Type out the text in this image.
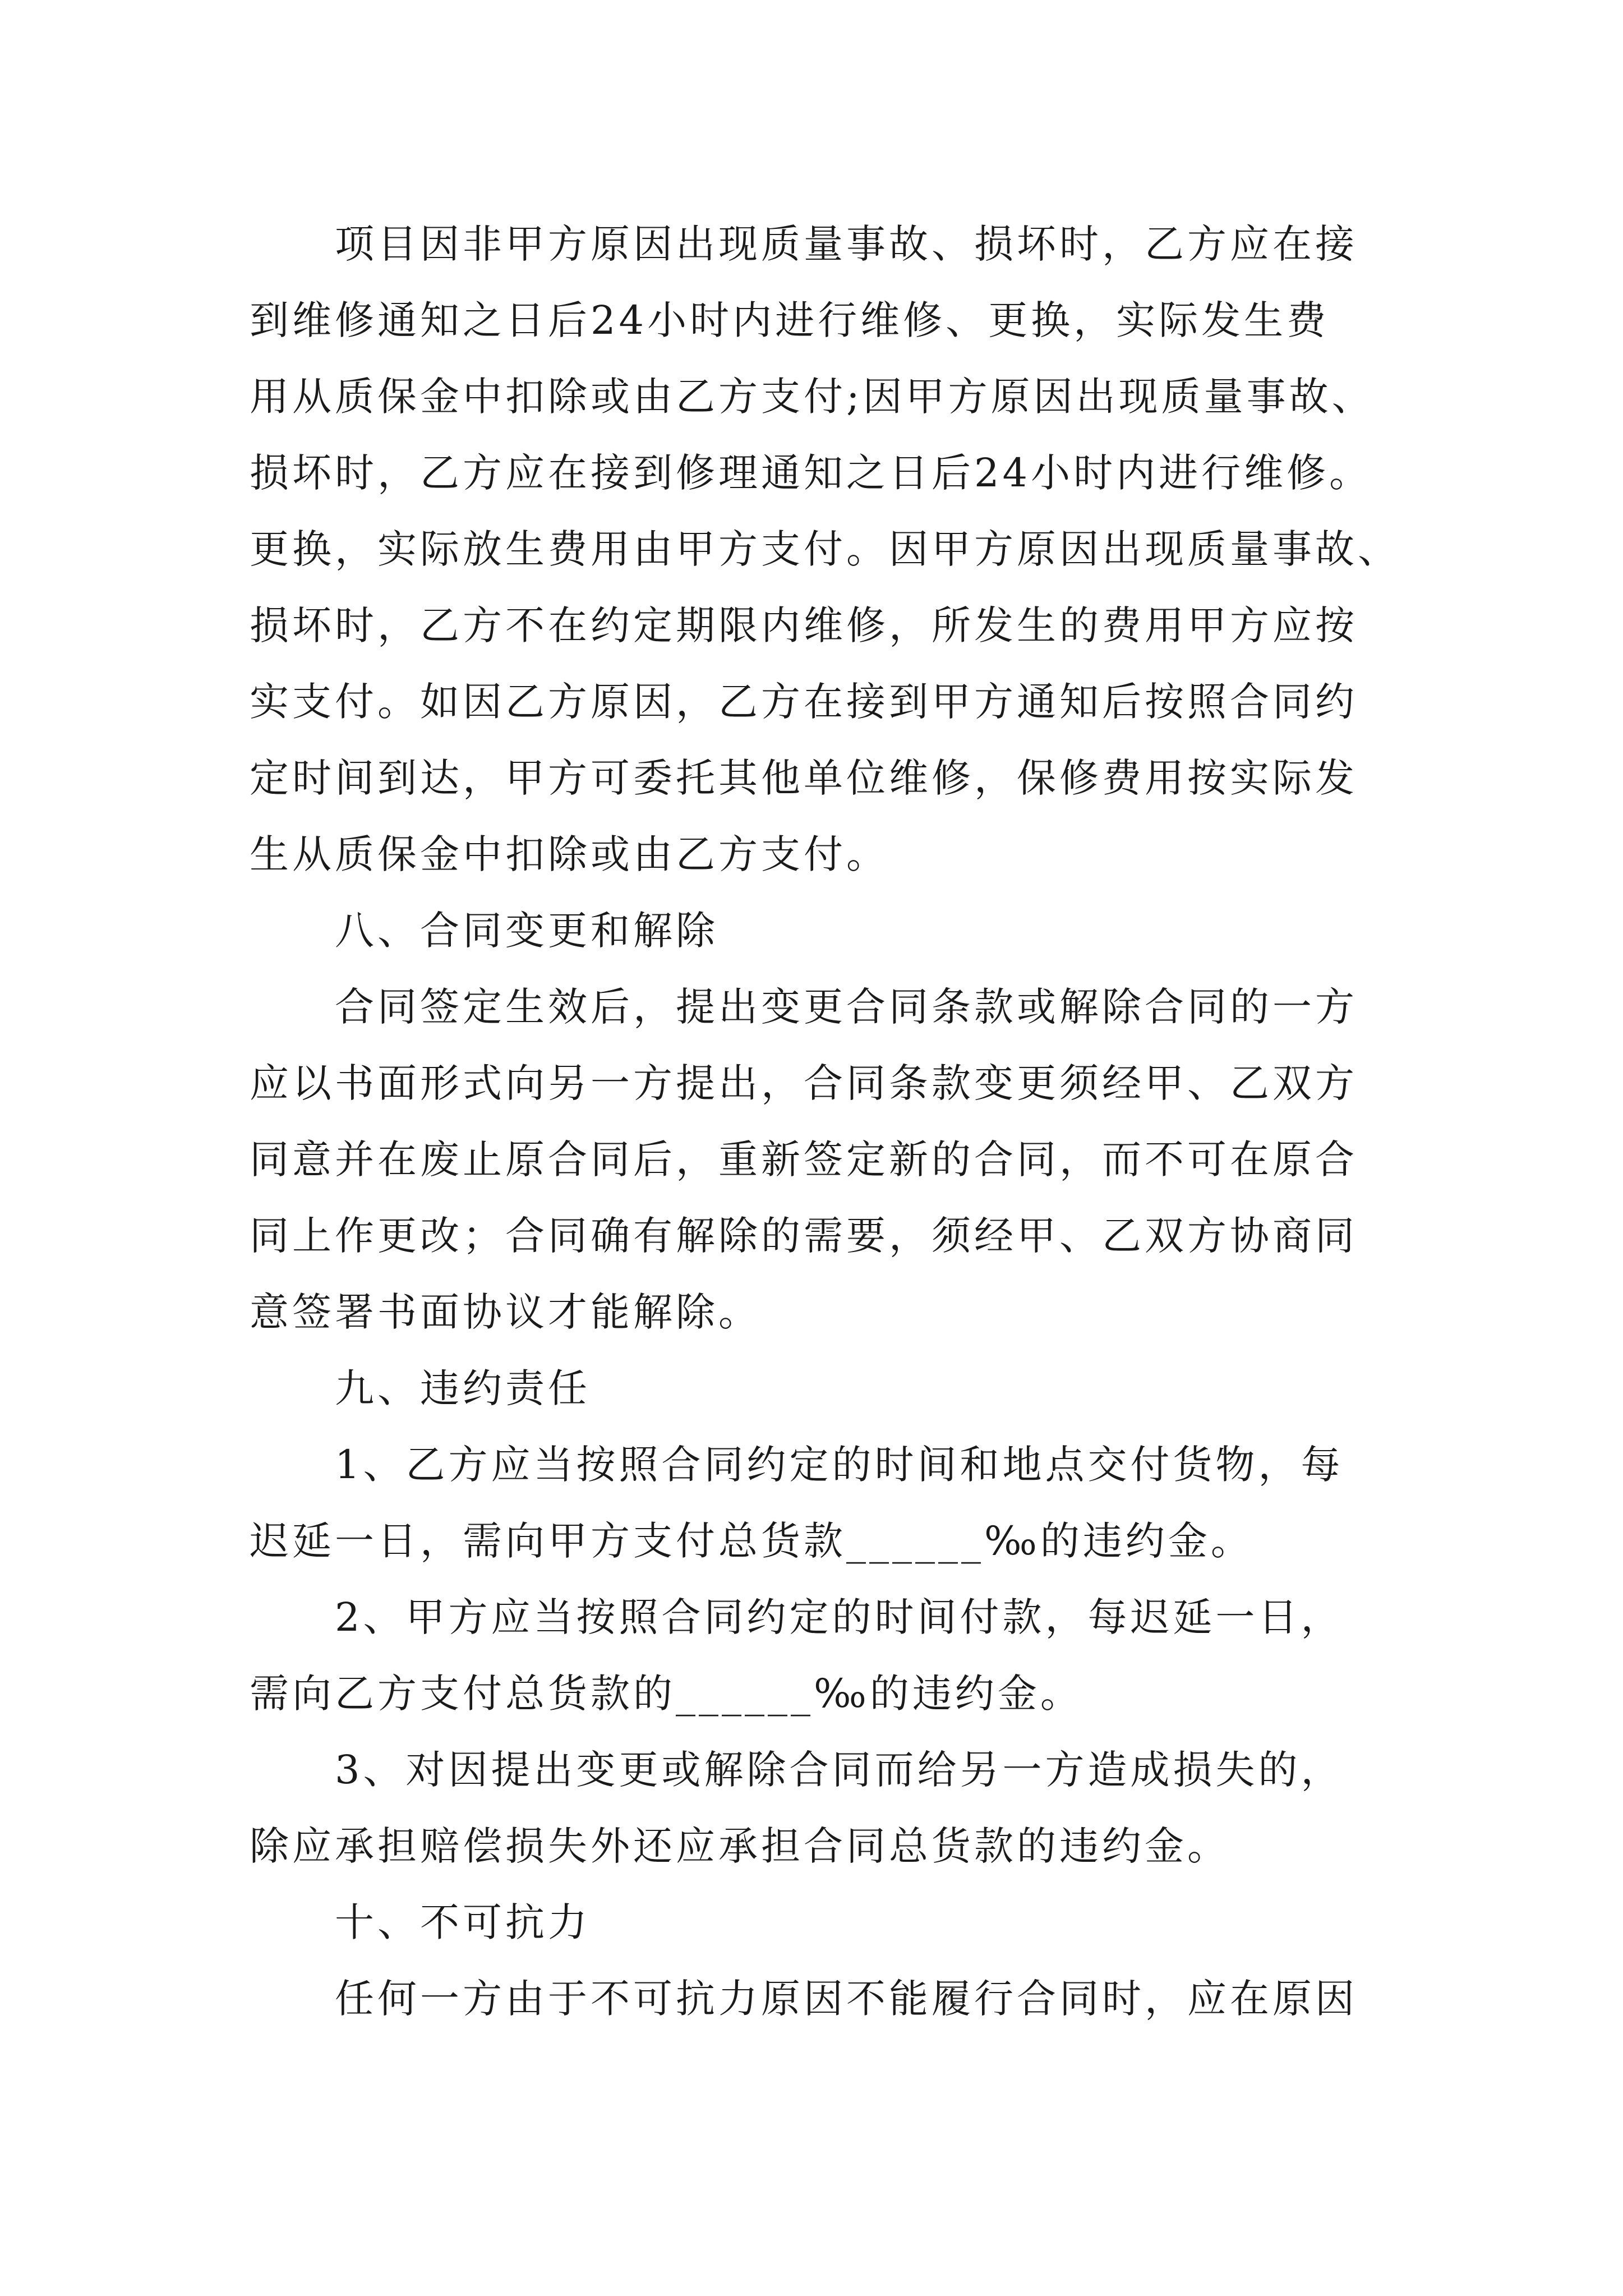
项目因非甲方原因出现质量事故、损坏时，乙方应在接
到维修通知之日后24小时内进行维修、更换，实际发生费
用从质保金中扣除或由乙方支付;因甲方原因出现质量事故、
损坏时，乙方应在接到修理通知之日后24小时内进行维修。
更换，实际放生费用由甲方支付。因甲方原因出现质量事故、
损坏时，乙方不在约定期限内维修，所发生的费用甲方应按
实支付。如因乙方原因，乙方在接到甲方通知后按照合同约
定时间到达，甲方可委托其他单位维修，保修费用按实际发
生从质保金中扣除或由乙方支付。
八、合同变更和解除
合同签定生效后，提出变更合同条款或解除合同的一方
应以书面形式向另一方提出，合同条款变更须经甲、乙双方
同意并在废止原合同后，重新签定新的合同，而不可在原合
同上作更改；合同确有解除的需要，须经甲、乙双方协商同
意签署书面协议才能解除。
九、违约责任
1、乙方应当按照合同约定的时间和地点交付货物，每
迟延一日，需向甲方支付总货款______‰的违约金。
2、甲方应当按照合同约定的时间付款，每迟延一日，
需向乙方支付总货款的______‰的违约金。
3、对因提出变更或解除合同而给另一方造成损失的，
除应承担赔偿损失外还应承担合同总货款的违约金。
十、不可抗力
任何一方由于不可抗力原因不能履行合同时，应在原因
